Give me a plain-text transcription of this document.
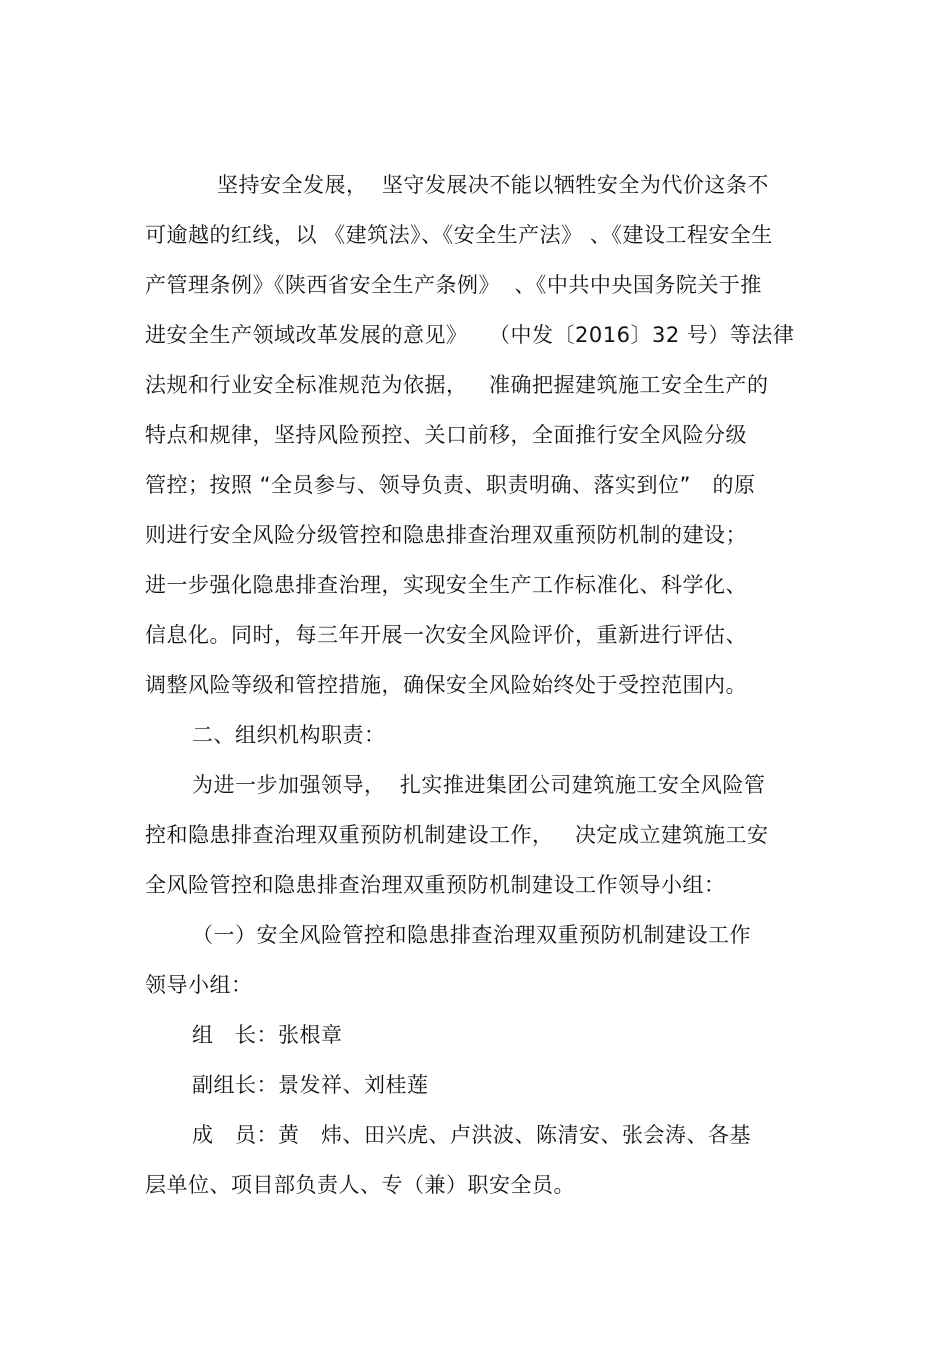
坚持安全发展，  坚守发展决不能以牺牲安全为代价这条不
可逾越的红线，以 《建筑法》、《安全生产法》 、《建设工程安全生
产管理条例》《陕西省安全生产条例》  、《中共中央国务院关于推
进安全生产领域改革发展的意见》   （中发〔2016〕32 号）等法律
法规和行业安全标准规范为依据，   准确把握建筑施工安全生产的
特点和规律，坚持风险预控、关口前移，全面推行安全风险分级
管控；按照 “全员参与、领导负责、职责明确、落实到位”   的原
则进行安全风险分级管控和隐患排查治理双重预防机制的建设；
进一步强化隐患排查治理，实现安全生产工作标准化、科学化、
信息化。同时，每三年开展一次安全风险评价，重新进行评估、
调整风险等级和管控措施，确保安全风险始终处于受控范围内。
二、组织机构职责：
为进一步加强领导，  扎实推进集团公司建筑施工安全风险管
控和隐患排查治理双重预防机制建设工作，   决定成立建筑施工安
全风险管控和隐患排查治理双重预防机制建设工作领导小组：
（一）安全风险管控和隐患排查治理双重预防机制建设工作
领导小组：
组   长：张根章
副组长：景发祥、刘桂莲
成   员：黄   炜、田兴虎、卢洪波、陈清安、张会涛、各基
层单位、项目部负责人、专（兼）职安全员。
